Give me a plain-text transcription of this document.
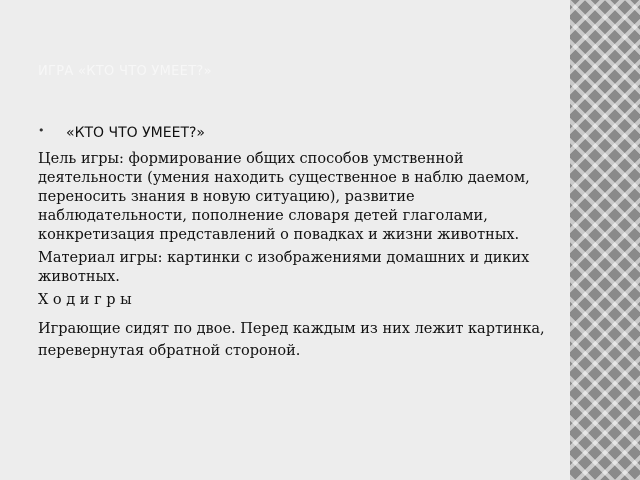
ИГРА «КТО ЧТО УМЕЕТ?»
•	«КТО ЧТО УМЕЕТ?»

Цель игры: формирование общих способов умственной деятельности (умения находить существенное в наблю даемом, переносить знания в новую ситуацию), развитие наблюдательности, пополнение словаря детей глаголами, конкретизация представлений о повадках и жизни животных.

Материал игры: картинки с изображениями домашних и диких животных.

Х о д и г р ы

Играющие сидят по двое. Перед каждым из них лежит картинка, перевернутая обратной стороной.
